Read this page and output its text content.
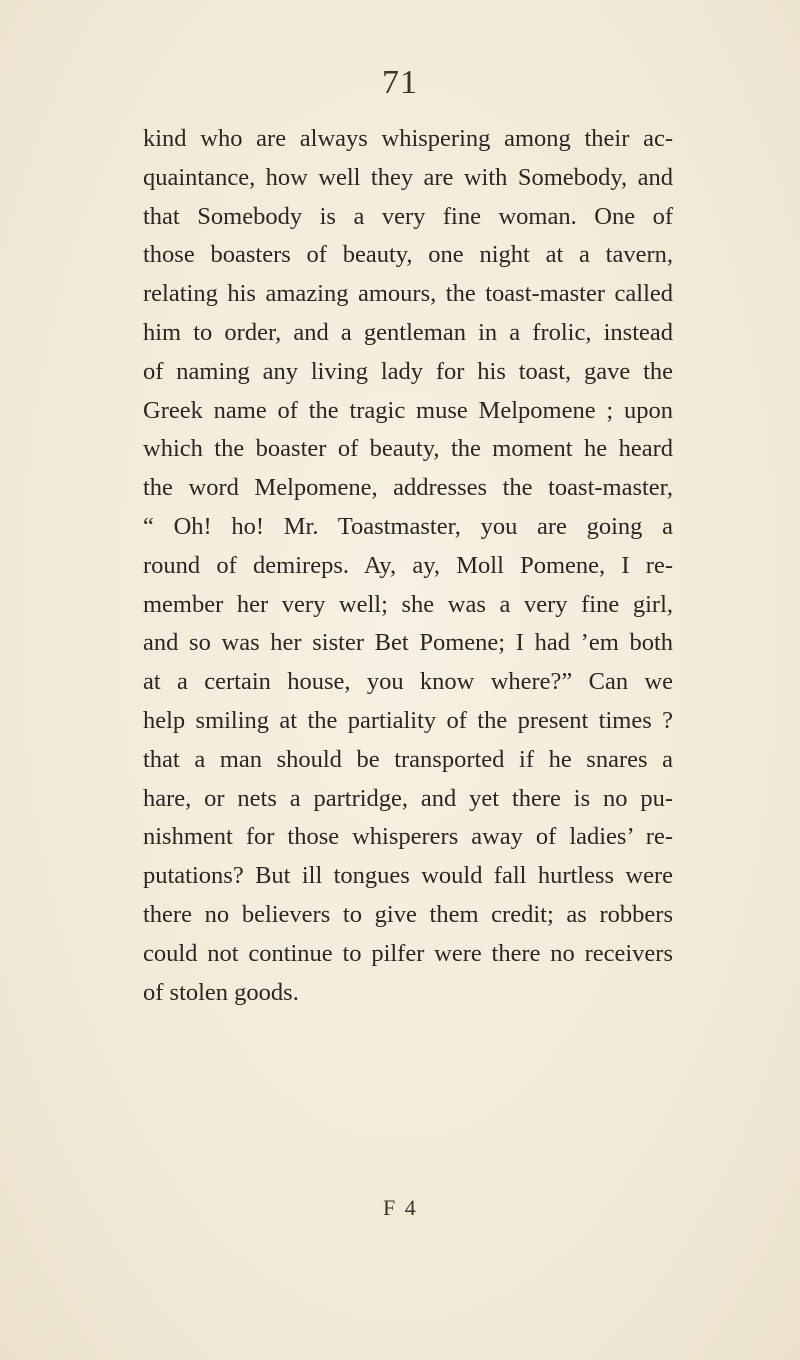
71
kind who are always whispering among their ac-
quaintance, how well they are with Somebody, and
that Somebody is a very fine woman. One of
those boasters of beauty, one night at a tavern,
relating his amazing amours, the toast-master called
him to order, and a gentleman in a frolic, instead
of naming any living lady for his toast, gave the
Greek name of the tragic muse Melpomene ; upon
which the boaster of beauty, the moment he heard
the word Melpomene, addresses the toast-master,
“ Oh! ho! Mr. Toastmaster, you are going a
round of demireps. Ay, ay, Moll Pomene, I re-
member her very well; she was a very fine girl,
and so was her sister Bet Pomene; I had ’em both
at a certain house, you know where?” Can we
help smiling at the partiality of the present times ?
that a man should be transported if he snares a
hare, or nets a partridge, and yet there is no pu-
nishment for those whisperers away of ladies’ re-
putations? But ill tongues would fall hurtless were
there no believers to give them credit; as robbers
could not continue to pilfer were there no receivers
of stolen goods.
F 4
